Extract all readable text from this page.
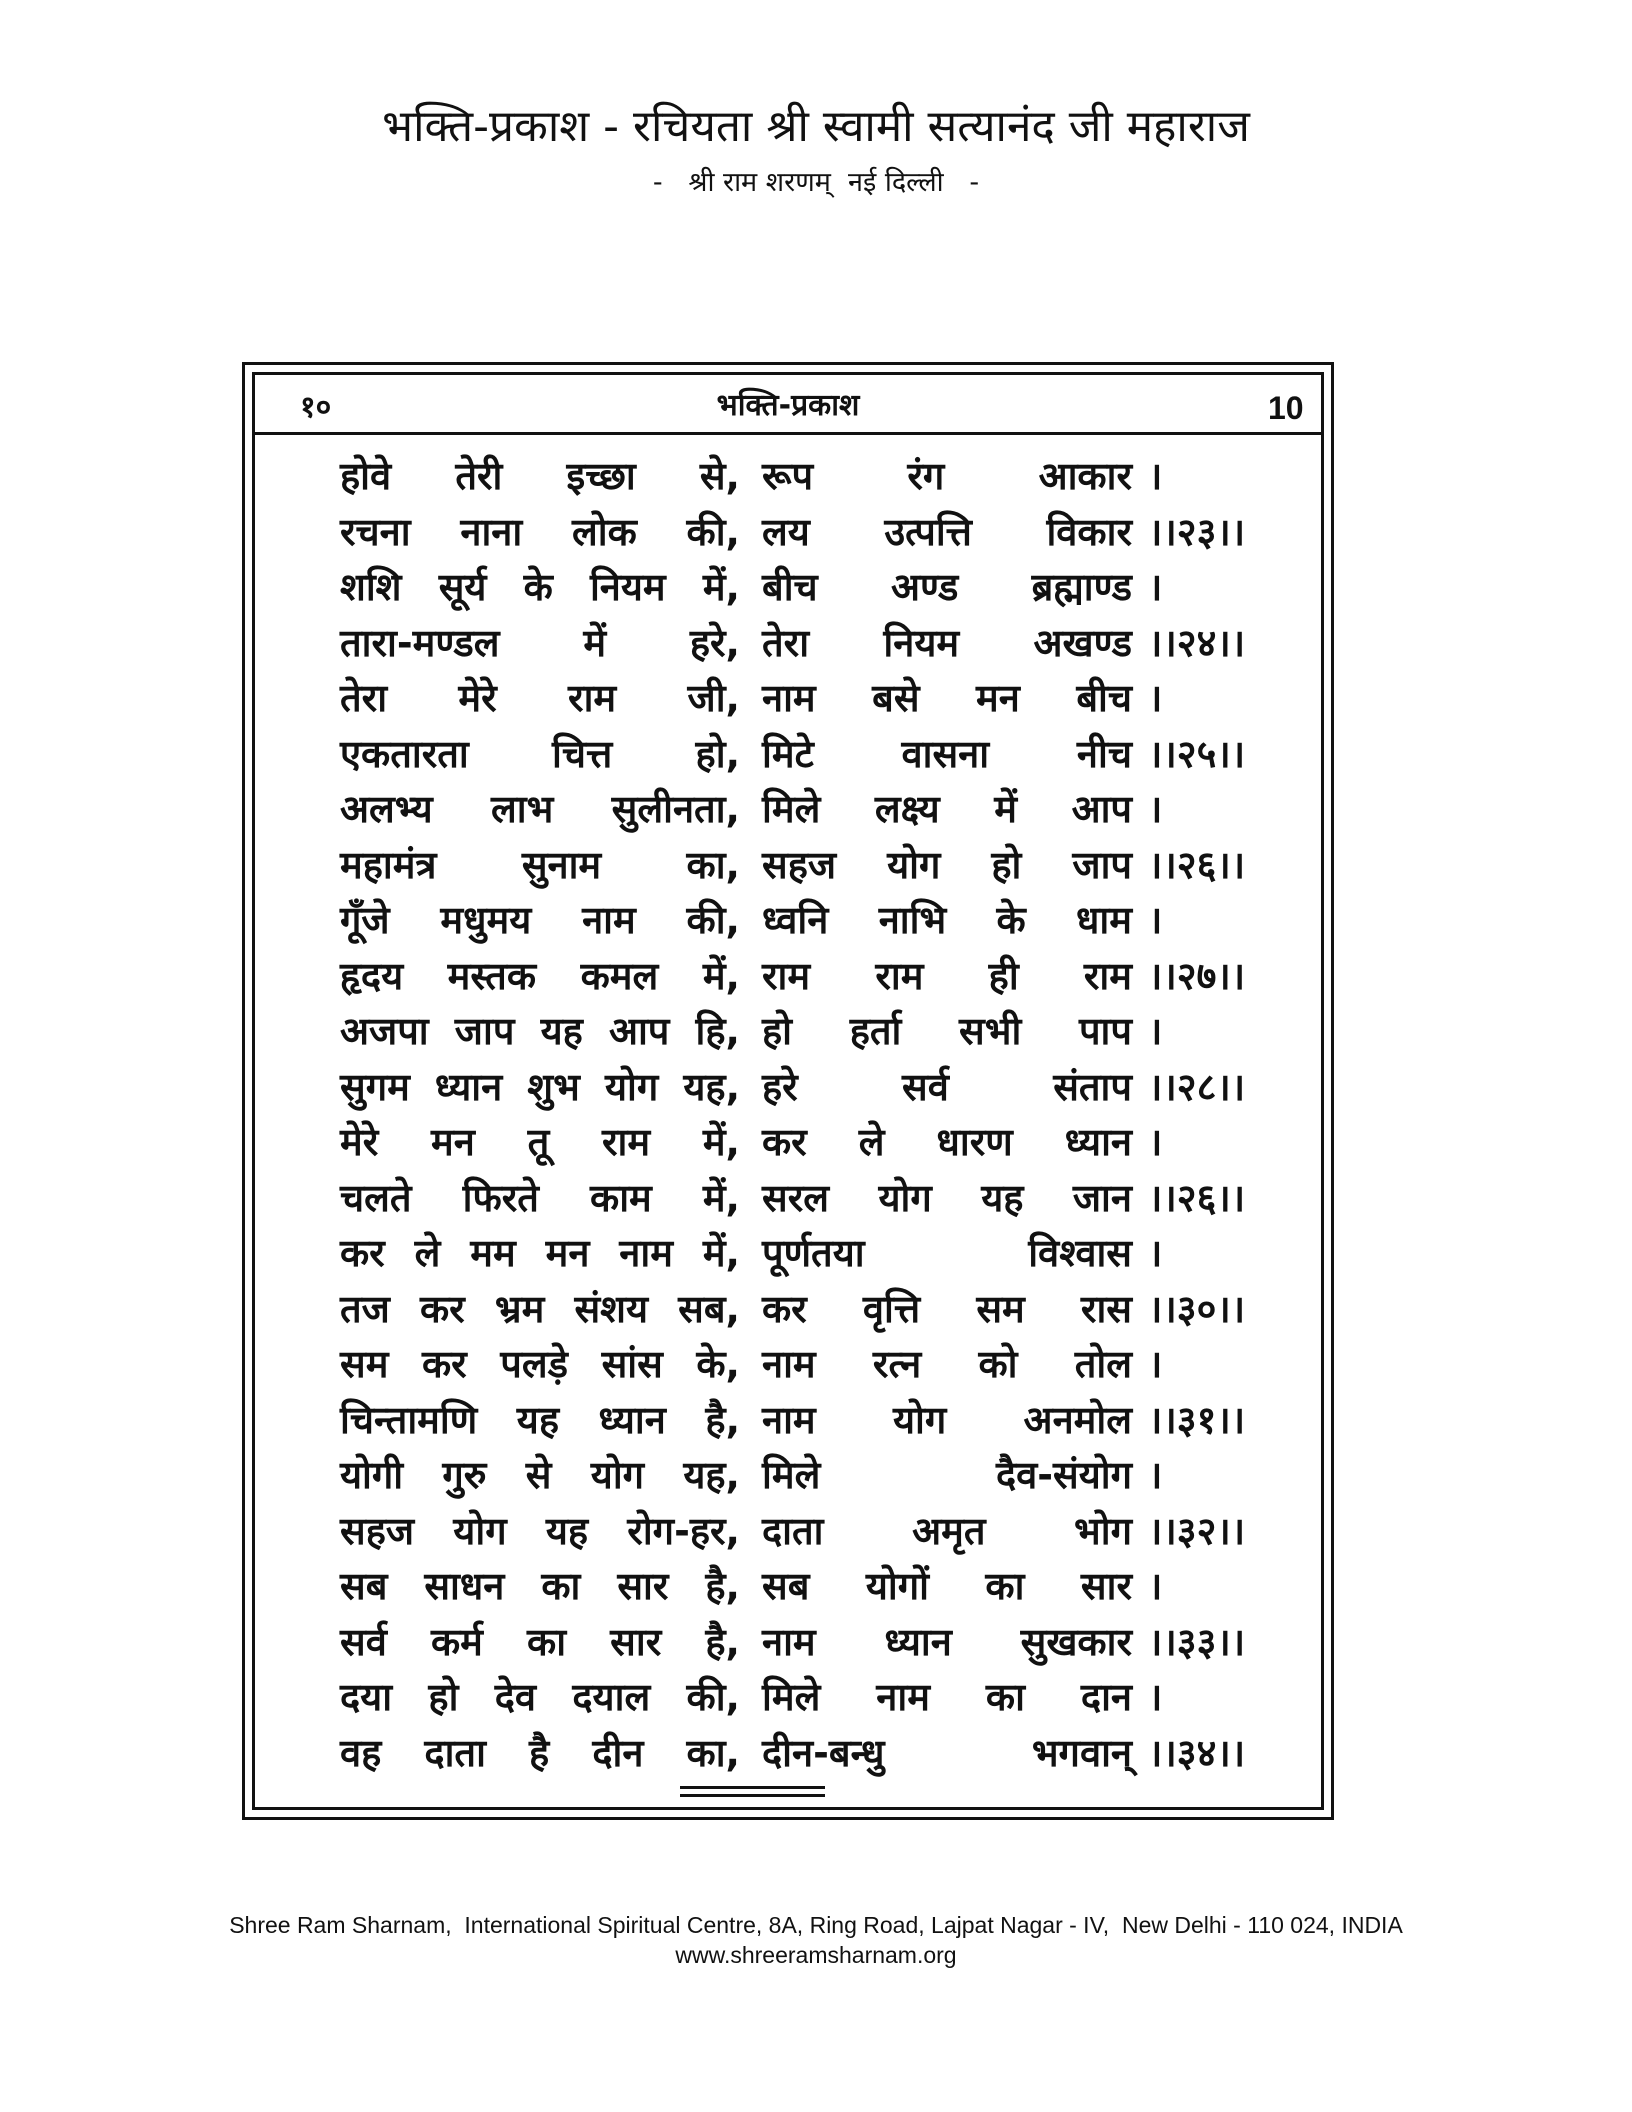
भक्ति-प्रकाश - रचियता श्री स्वामी सत्यानंद जी महाराज
-   श्री राम शरणम्  नई दिल्ली   -
१०	भक्ति-प्रकाश	10
होवे तेरी इच्छा से, रूप रंग आकार ।
रचना नाना लोक की, लय उत्पत्ति विकार ।।२३।।
शशि सूर्य के नियम में, बीच अण्ड ब्रह्माण्ड ।
तारा-मण्डल में हरे, तेरा नियम अखण्ड ।।२४।।
तेरा मेरे राम जी, नाम बसे मन बीच ।
एकतारता चित्त हो, मिटे वासना नीच ।।२५।।
अलभ्य लाभ सुलीनता, मिले लक्ष्य में आप ।
महामंत्र सुनाम का, सहज योग हो जाप ।।२६।।
गूँजे मधुमय नाम की, ध्वनि नाभि के धाम ।
हृदय मस्तक कमल में, राम राम ही राम ।।२७।।
अजपा जाप यह आप हि, हो हर्ता सभी पाप ।
सुगम ध्यान शुभ योग यह, हरे सर्व संताप ।।२८।।
मेरे मन तू राम में, कर ले धारण ध्यान ।
चलते फिरते काम में, सरल योग यह जान ।।२६।।
कर ले मम मन नाम में, पूर्णतया विश्वास ।
तज कर भ्रम संशय सब, कर वृत्ति सम रास ।।३०।।
सम कर पलड़े सांस के, नाम रत्न को तोल ।
चिन्तामणि यह ध्यान है, नाम योग अनमोल ।।३१।।
योगी गुरु से योग यह, मिले दैव-संयोग ।
सहज योग यह रोग-हर, दाता अमृत भोग ।।३२।।
सब साधन का सार है, सब योगों का सार ।
सर्व कर्म का सार है, नाम ध्यान सुखकार ।।३३।।
दया हो देव दयाल की, मिले नाम का दान ।
वह दाता है दीन का, दीन-बन्धु भगवान् ।।३४।।
Shree Ram Sharnam,  International Spiritual Centre, 8A, Ring Road, Lajpat Nagar - IV,  New Delhi - 110 024, INDIA
www.shreeramsharnam.org
